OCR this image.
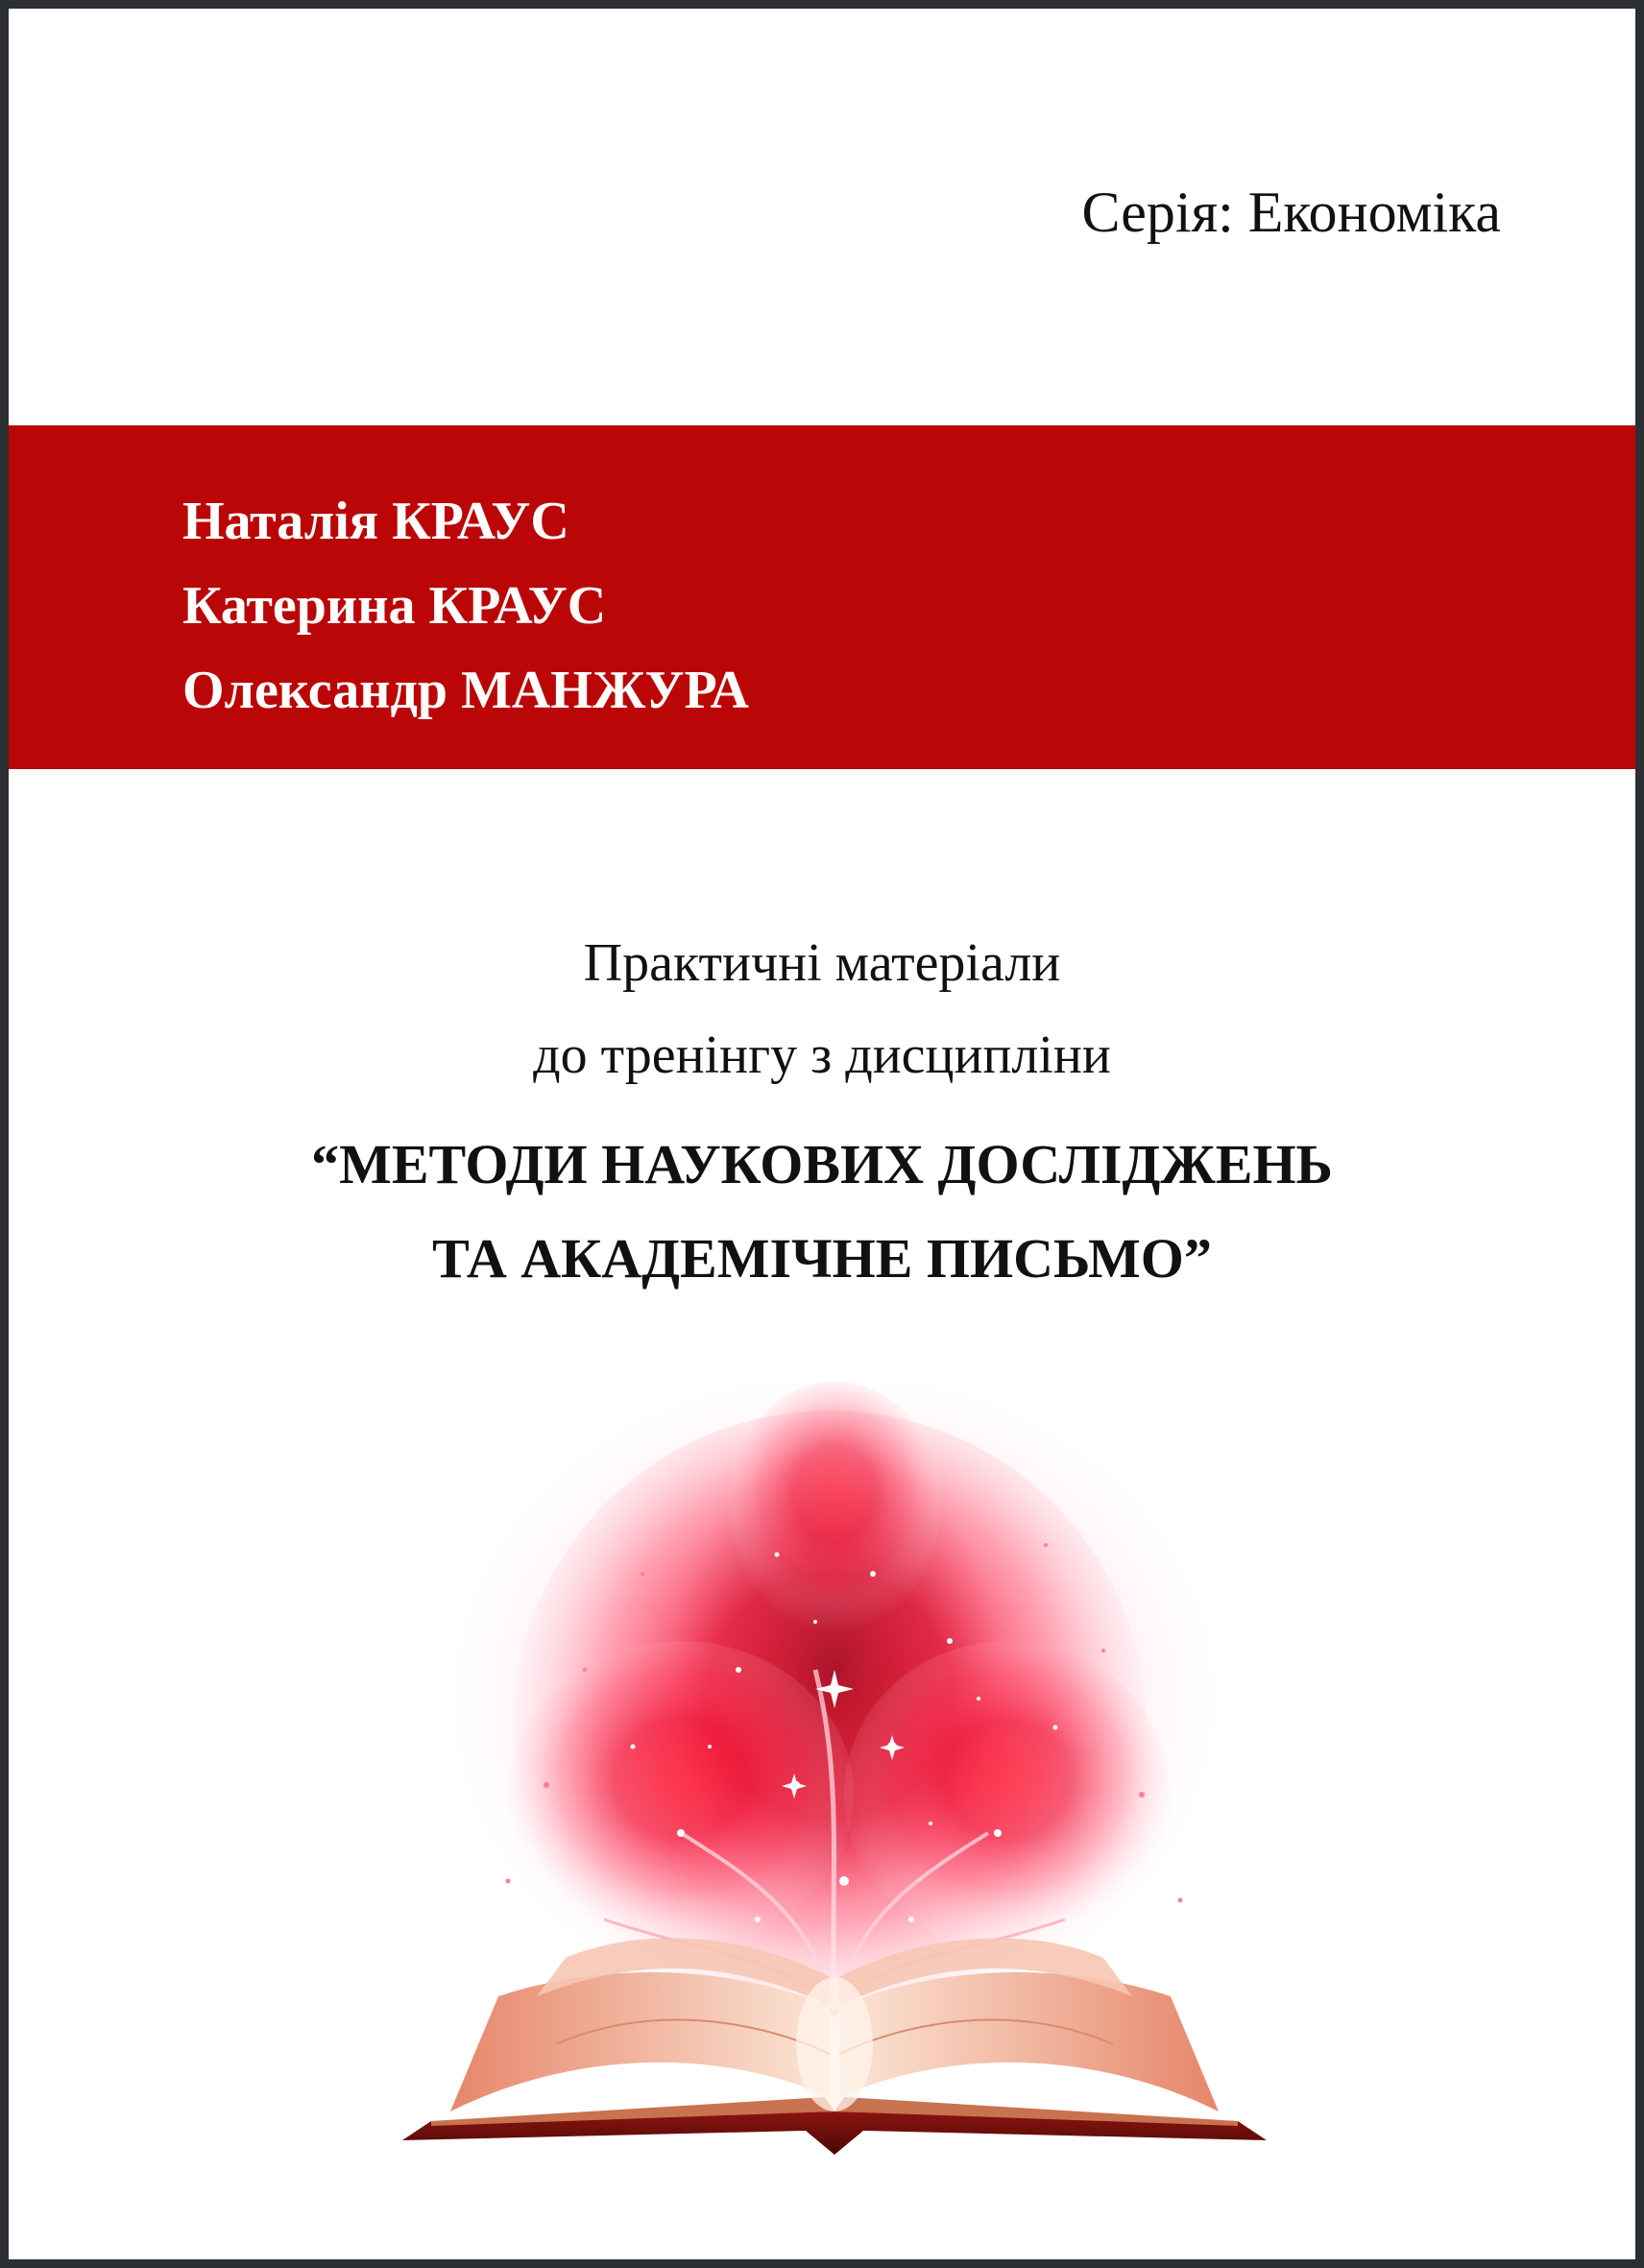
Серія: Економіка
Наталія КРАУС
Катерина КРАУС
Олександр МАНЖУРА
Практичні матеріали
до тренінгу з дисципліни
“МЕТОДИ НАУКОВИХ ДОСЛІДЖЕНЬ
ТА АКАДЕМІЧНЕ ПИСЬМО”
